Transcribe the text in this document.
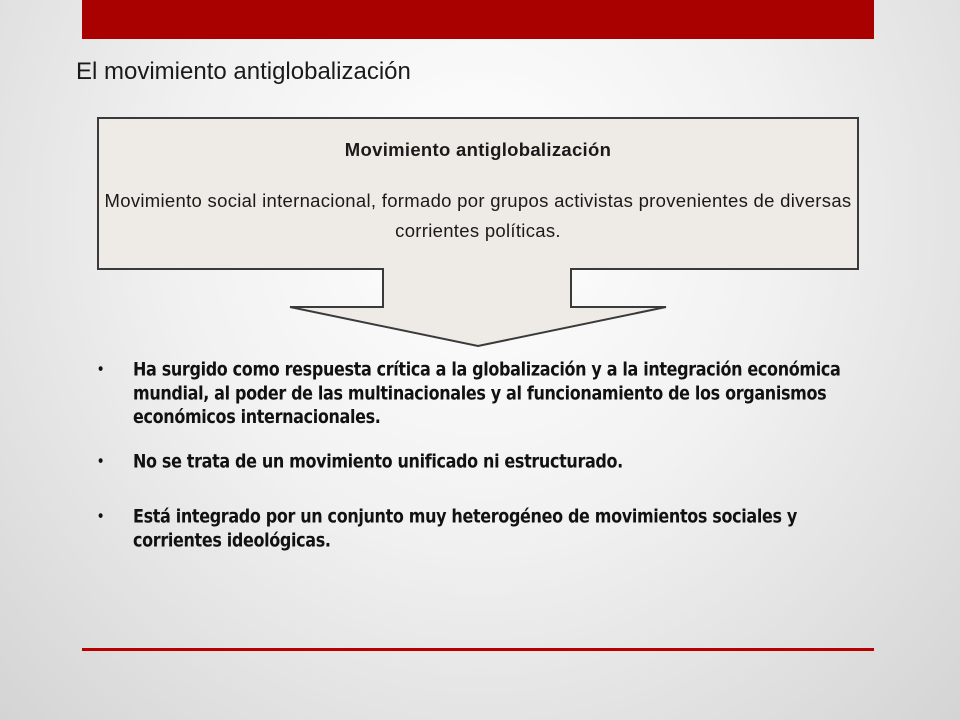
El movimiento antiglobalización
Movimiento antiglobalización
Movimiento social internacional, formado por grupos activistas provenientes de diversas corrientes políticas.
• Ha surgido como respuesta crítica a la globalización y a la integración económica mundial, al poder de las multinacionales y al funcionamiento de los organismos económicos internacionales.
• No se trata de un movimiento unificado ni estructurado.
• Está integrado por un conjunto muy heterogéneo de movimientos sociales y corrientes ideológicas.
